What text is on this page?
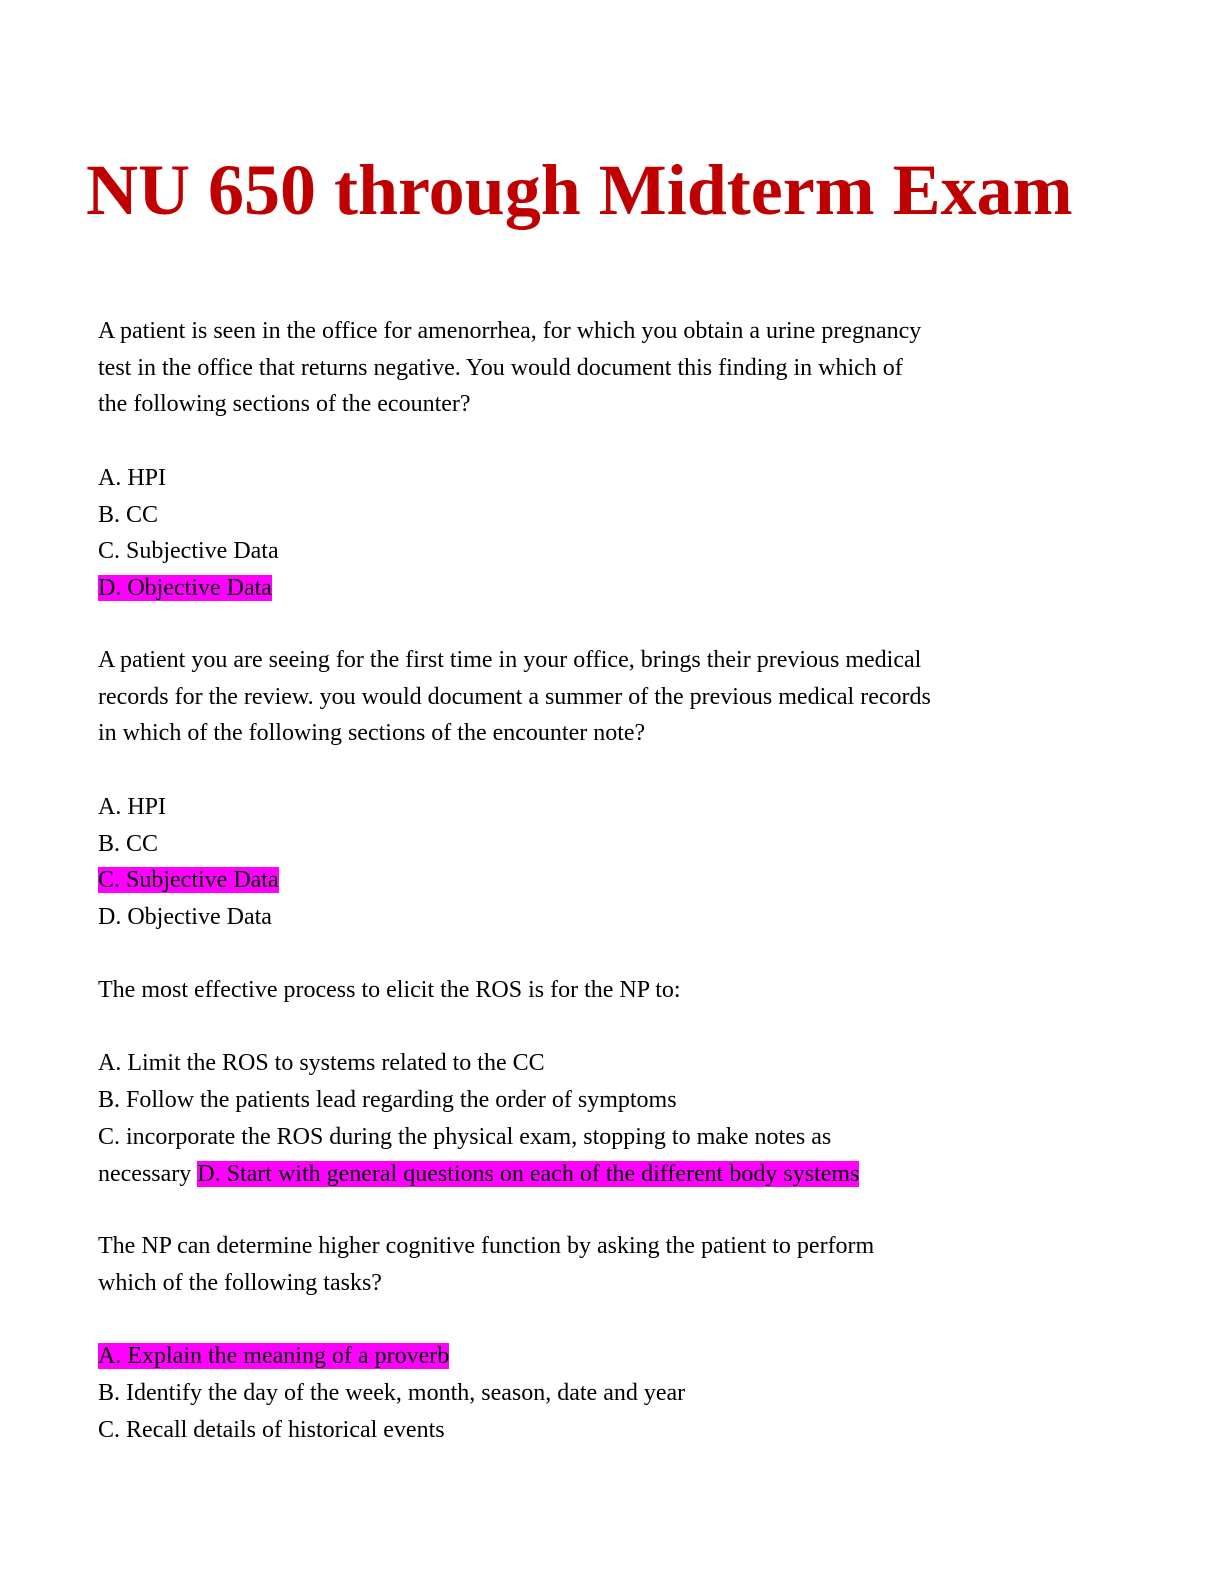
NU 650 through Midterm Exam
A patient is seen in the office for amenorrhea, for which you obtain a urine pregnancy
test in the office that returns negative. You would document this finding in which of
the following sections of the ecounter?
A. HPI
B. CC
C. Subjective Data
D. Objective Data
A patient you are seeing for the first time in your office, brings their previous medical
records for the review. you would document a summer of the previous medical records
in which of the following sections of the encounter note?
A. HPI
B. CC
C. Subjective Data
D. Objective Data
The most effective process to elicit the ROS is for the NP to:
A. Limit the ROS to systems related to the CC
B. Follow the patients lead regarding the order of symptoms
C. incorporate the ROS during the physical exam, stopping to make notes as
necessary D. Start with general questions on each of the different body systems
The NP can determine higher cognitive function by asking the patient to perform
which of the following tasks?
A. Explain the meaning of a proverb
B. Identify the day of the week, month, season, date and year
C. Recall details of historical events
